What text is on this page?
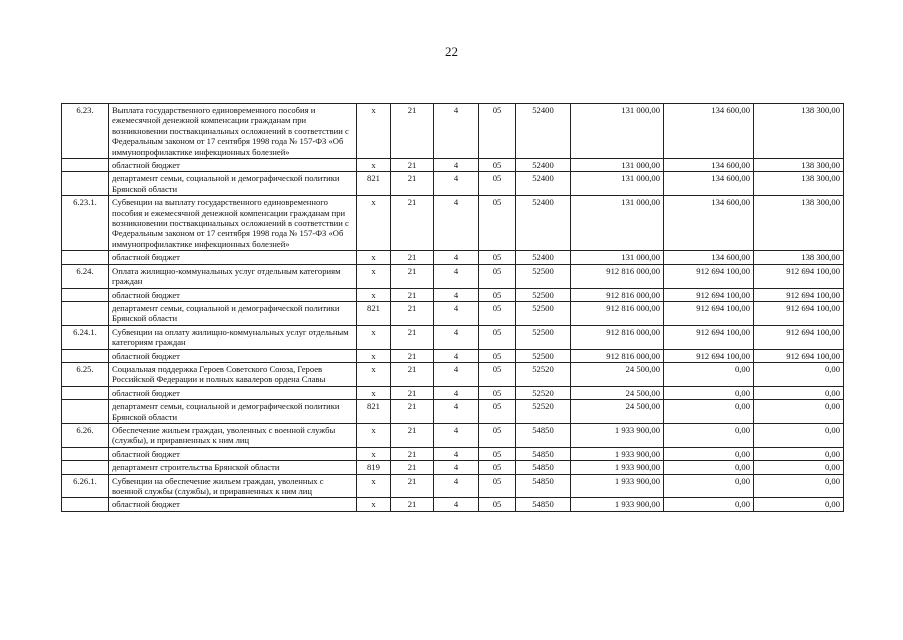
22
6.23.	Выплата государственного единовременного пособия и ежемесячной денежной компенсации гражданам при возникновении поствакцинальных осложнений в соответствии с Федеральным законом от 17 сентября 1998 года № 157-ФЗ «Об иммунопрофилактике инфекционных болезней»	х	21	4	05	52400	131 000,00	134 600,00	138 300,00
	областной бюджет	х	21	4	05	52400	131 000,00	134 600,00	138 300,00
	департамент семьи, социальной и демографической политики Брянской области	821	21	4	05	52400	131 000,00	134 600,00	138 300,00
6.23.1.	Субвенции на выплату государственного единовременного пособия и ежемесячной денежной компенсации гражданам при возникновении поствакцинальных осложнений в соответствии с Федеральным законом от 17 сентября 1998 года № 157-ФЗ «Об иммунопрофилактике инфекционных болезней»	х	21	4	05	52400	131 000,00	134 600,00	138 300,00
	областной бюджет	х	21	4	05	52400	131 000,00	134 600,00	138 300,00
6.24.	Оплата жилищно-коммунальных услуг отдельным категориям граждан	х	21	4	05	52500	912 816 000,00	912 694 100,00	912 694 100,00
	областной бюджет	х	21	4	05	52500	912 816 000,00	912 694 100,00	912 694 100,00
	департамент семьи, социальной и демографической политики Брянской области	821	21	4	05	52500	912 816 000,00	912 694 100,00	912 694 100,00
6.24.1.	Субвенции на оплату жилищно-коммунальных услуг отдельным категориям граждан	х	21	4	05	52500	912 816 000,00	912 694 100,00	912 694 100,00
	областной бюджет	х	21	4	05	52500	912 816 000,00	912 694 100,00	912 694 100,00
6.25.	Социальная поддержка Героев Советского Союза, Героев Российской Федерации и полных кавалеров ордена Славы	х	21	4	05	52520	24 500,00	0,00	0,00
	областной бюджет	х	21	4	05	52520	24 500,00	0,00	0,00
	департамент семьи, социальной и демографической политики Брянской области	821	21	4	05	52520	24 500,00	0,00	0,00
6.26.	Обеспечение жильем граждан, уволенных с военной службы (службы), и приравненных к ним лиц	х	21	4	05	54850	1 933 900,00	0,00	0,00
	областной бюджет	х	21	4	05	54850	1 933 900,00	0,00	0,00
	департамент строительства Брянской области	819	21	4	05	54850	1 933 900,00	0,00	0,00
6.26.1.	Субвенции на обеспечение жильем граждан, уволенных с военной службы (службы), и приравненных к ним лиц	х	21	4	05	54850	1 933 900,00	0,00	0,00
	областной бюджет	х	21	4	05	54850	1 933 900,00	0,00	0,00
